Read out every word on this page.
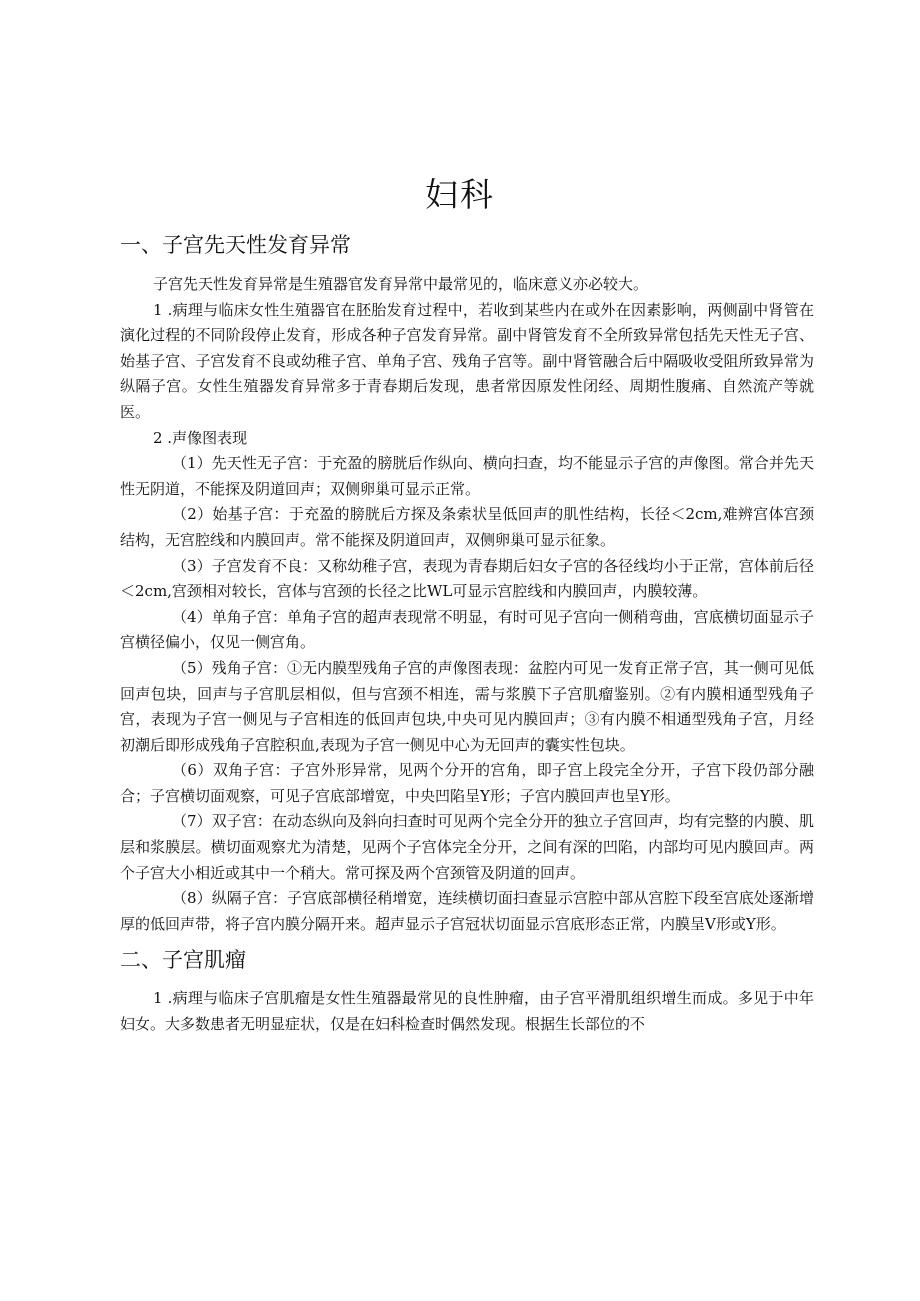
妇科
一、子宫先天性发育异常

子宫先天性发育异常是生殖器官发育异常中最常见的，临床意义亦必较大。

1 .病理与临床女性生殖器官在胚胎发育过程中，若收到某些内在或外在因素影响，两侧副中肾管在演化过程的不同阶段停止发育，形成各种子宫发育异常。副中肾管发育不全所致异常包括先天性无子宫、始基子宫、子宫发育不良或幼稚子宫、单角子宫、残角子宫等。副中肾管融合后中隔吸收受阻所致异常为纵隔子宫。女性生殖器发育异常多于青春期后发现，患者常因原发性闭经、周期性腹痛、自然流产等就医。

2 .声像图表现

（1）先天性无子宫：于充盈的膀胱后作纵向、横向扫查，均不能显示子宫的声像图。常合并先天性无阴道，不能探及阴道回声；双侧卵巢可显示正常。

（2）始基子宫：于充盈的膀胱后方探及条索状呈低回声的肌性结构，长径＜2cm,难辨宫体宫颈结构，无宫腔线和内膜回声。常不能探及阴道回声，双侧卵巢可显示征象。

（3）子宫发育不良：又称幼稚子宫，表现为青春期后妇女子宫的各径线均小于正常，宫体前后径＜2cm,宫颈相对较长，宫体与宫颈的长径之比WL可显示宫腔线和内膜回声，内膜较薄。

（4）单角子宫：单角子宫的超声表现常不明显，有时可见子宫向一侧稍弯曲，宫底横切面显示子宫横径偏小，仅见一侧宫角。

（5）残角子宫：①无内膜型残角子宫的声像图表现：盆腔内可见一发育正常子宫，其一侧可见低回声包块，回声与子宫肌层相似，但与宫颈不相连，需与浆膜下子宫肌瘤鉴别。②有内膜相通型残角子宫，表现为子宫一侧见与子宫相连的低回声包块,中央可见内膜回声；③有内膜不相通型残角子宫，月经初潮后即形成残角子宫腔积血,表现为子宫一侧见中心为无回声的囊实性包块。

（6）双角子宫：子宫外形异常，见两个分开的宫角，即子宫上段完全分开，子宫下段仍部分融合；子宫横切面观察，可见子宫底部增宽，中央凹陷呈Y形；子宫内膜回声也呈Y形。

（7）双子宫：在动态纵向及斜向扫查时可见两个完全分开的独立子宫回声，均有完整的内膜、肌层和浆膜层。横切面观察尤为清楚，见两个子宫体完全分开，之间有深的凹陷，内部均可见内膜回声。两个子宫大小相近或其中一个稍大。常可探及两个宫颈管及阴道的回声。

（8）纵隔子宫：子宫底部横径稍增宽，连续横切面扫查显示宫腔中部从宫腔下段至宫底处逐渐增厚的低回声带，将子宫内膜分隔开来。超声显示子宫冠状切面显示宫底形态正常，内膜呈V形或Y形。

二、子宫肌瘤

1 .病理与临床子宫肌瘤是女性生殖器最常见的良性肿瘤，由子宫平滑肌组织增生而成。多见于中年妇女。大多数患者无明显症状，仅是在妇科检查时偶然发现。根据生长部位的不
